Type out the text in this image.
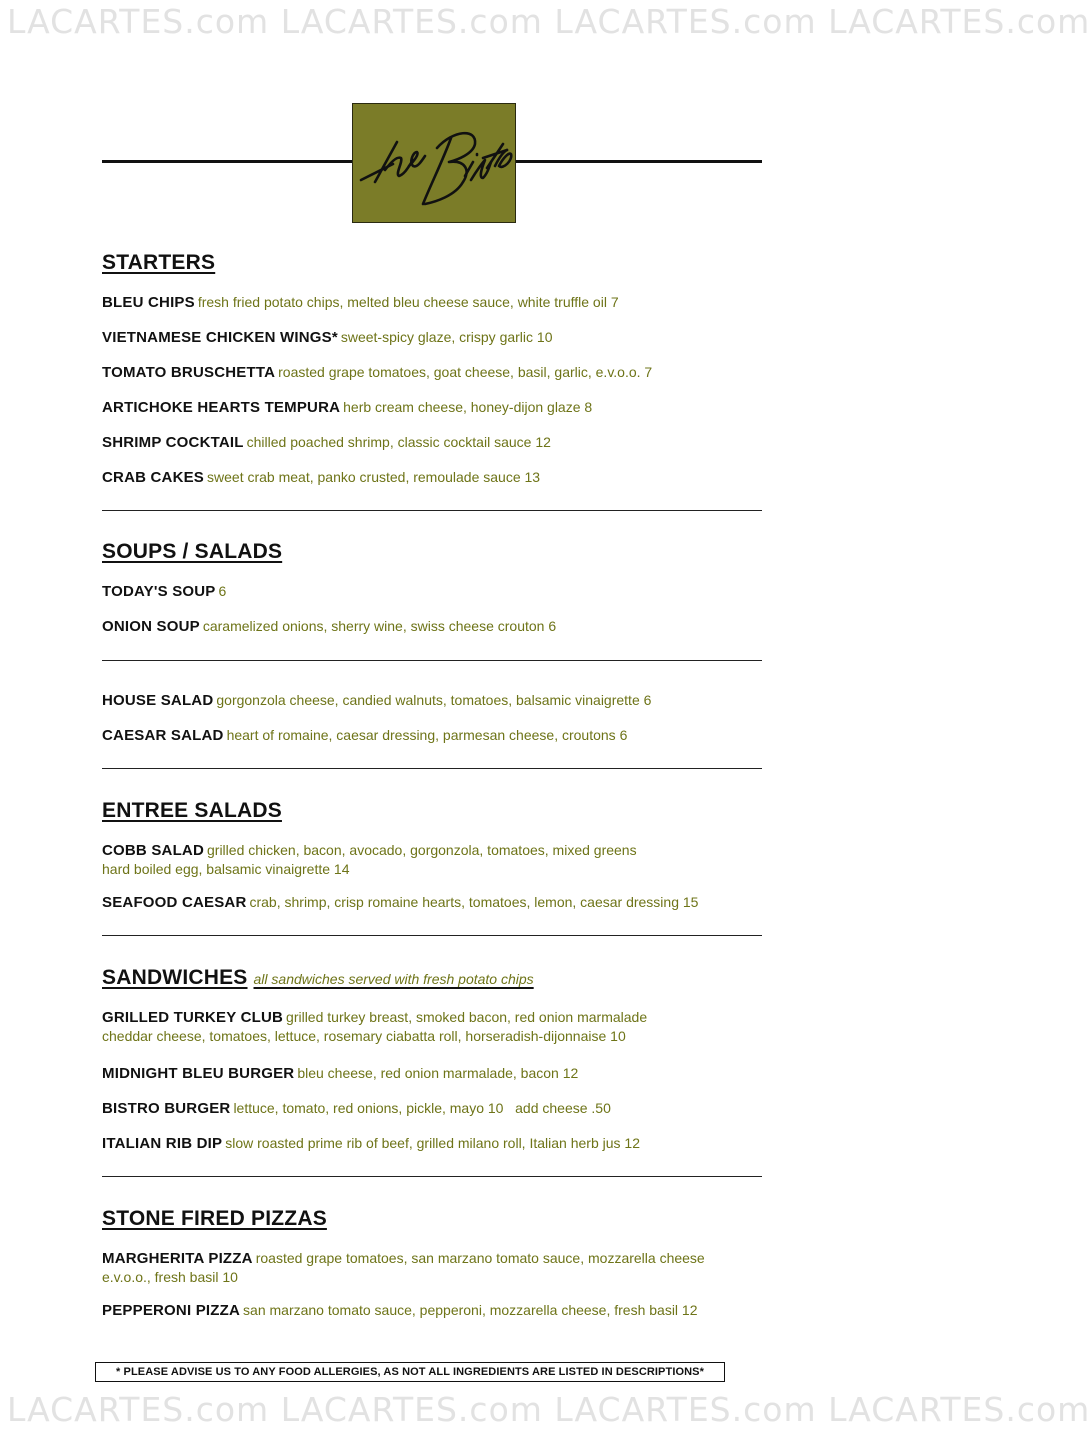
LACARTES.com LACARTES.com LACARTES.com LACARTES.com
STARTERS
BLEU CHIPS fresh fried potato chips, melted bleu cheese sauce, white truffle oil 7
VIETNAMESE CHICKEN WINGS* sweet-spicy glaze, crispy garlic 10
TOMATO BRUSCHETTA roasted grape tomatoes, goat cheese, basil, garlic, e.v.o.o. 7
ARTICHOKE HEARTS TEMPURA herb cream cheese, honey-dijon glaze 8
SHRIMP COCKTAIL chilled poached shrimp, classic cocktail sauce 12
CRAB CAKES sweet crab meat, panko crusted, remoulade sauce 13
SOUPS / SALADS
TODAY'S SOUP 6
ONION SOUP caramelized onions, sherry wine, swiss cheese crouton 6
HOUSE SALAD gorgonzola cheese, candied walnuts, tomatoes, balsamic vinaigrette 6
CAESAR SALAD heart of romaine, caesar dressing, parmesan cheese, croutons 6
ENTREE SALADS
COBB SALAD grilled chicken, bacon, avocado, gorgonzola, tomatoes, mixed greens
hard boiled egg, balsamic vinaigrette 14
SEAFOOD CAESAR crab, shrimp, crisp romaine hearts, tomatoes, lemon, caesar dressing 15
SANDWICHES all sandwiches served with fresh potato chips
GRILLED TURKEY CLUB grilled turkey breast, smoked bacon, red onion marmalade
cheddar cheese, tomatoes, lettuce, rosemary ciabatta roll, horseradish-dijonnaise 10
MIDNIGHT BLEU BURGER bleu cheese, red onion marmalade, bacon 12
BISTRO BURGER lettuce, tomato, red onions, pickle, mayo 10   add cheese .50
ITALIAN RIB DIP slow roasted prime rib of beef, grilled milano roll, Italian herb jus 12
STONE FIRED PIZZAS
MARGHERITA PIZZA roasted grape tomatoes, san marzano tomato sauce, mozzarella cheese
e.v.o.o., fresh basil 10
PEPPERONI PIZZA san marzano tomato sauce, pepperoni, mozzarella cheese, fresh basil 12
* PLEASE ADVISE US TO ANY FOOD ALLERGIES, AS NOT ALL INGREDIENTS ARE LISTED IN DESCRIPTIONS*
LACARTES.com LACARTES.com LACARTES.com LACARTES.com
